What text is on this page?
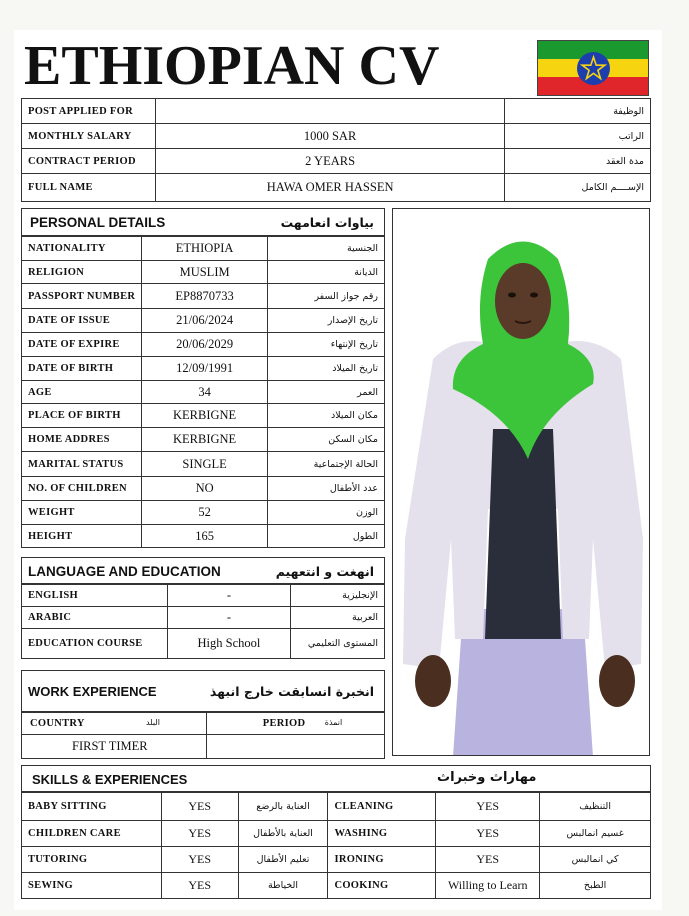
ETHIOPIAN CV
POST APPLIED FOR		الوظيفة
MONTHLY SALARY	1000 SAR	الراتب
CONTRACT PERIOD	2 YEARS	مدة العقد
FULL NAME	HAWA OMER HASSEN	الإســــم الكامل
PERSONAL DETAILS	بياوات انعامهت
NATIONALITY	ETHIOPIA	الجنسية
RELIGION	MUSLIM	الديانة
PASSPORT NUMBER	EP8870733	رقم جواز السفر
DATE OF ISSUE	21/06/2024	تاريخ الإصدار
DATE OF EXPIRE	20/06/2029	تاريخ الإنتهاء
DATE OF BIRTH	12/09/1991	تاريخ الميلاد
AGE	34	العمر
PLACE OF BIRTH	KERBIGNE	مكان الميلاد
HOME ADDRES	KERBIGNE	مكان السكن
MARITAL STATUS	SINGLE	الحالة الإجتماعية
NO. OF CHILDREN	NO	عدد الأطفال
WEIGHT	52	الوزن
HEIGHT	165	الطول
LANGUAGE AND EDUCATION	انهغت و انتعهيم
ENGLISH	-	الإنجليزية
ARABIC	-	العربية
EDUCATION COURSE	High School	المستوى التعليمي
WORK EXPERIENCE	انخبرة انسابقت خارج انبهذ
COUNTRY البلد	PERIOD انمذة

FIRST TIMER	
SKILLS & EXPERIENCES	مهاراث وخبراث
BABY SITTING	YES	العناية بالرضع	CLEANING	YES	التنظيف
CHILDREN CARE	YES	العناية بالأطفال	WASHING	YES	غسيم انمالبس
TUTORING	YES	تعليم الأطفال	IRONING	YES	كي انمالبس
SEWING	YES	الخياطة	COOKING	Willing to Learn	الطبخ
